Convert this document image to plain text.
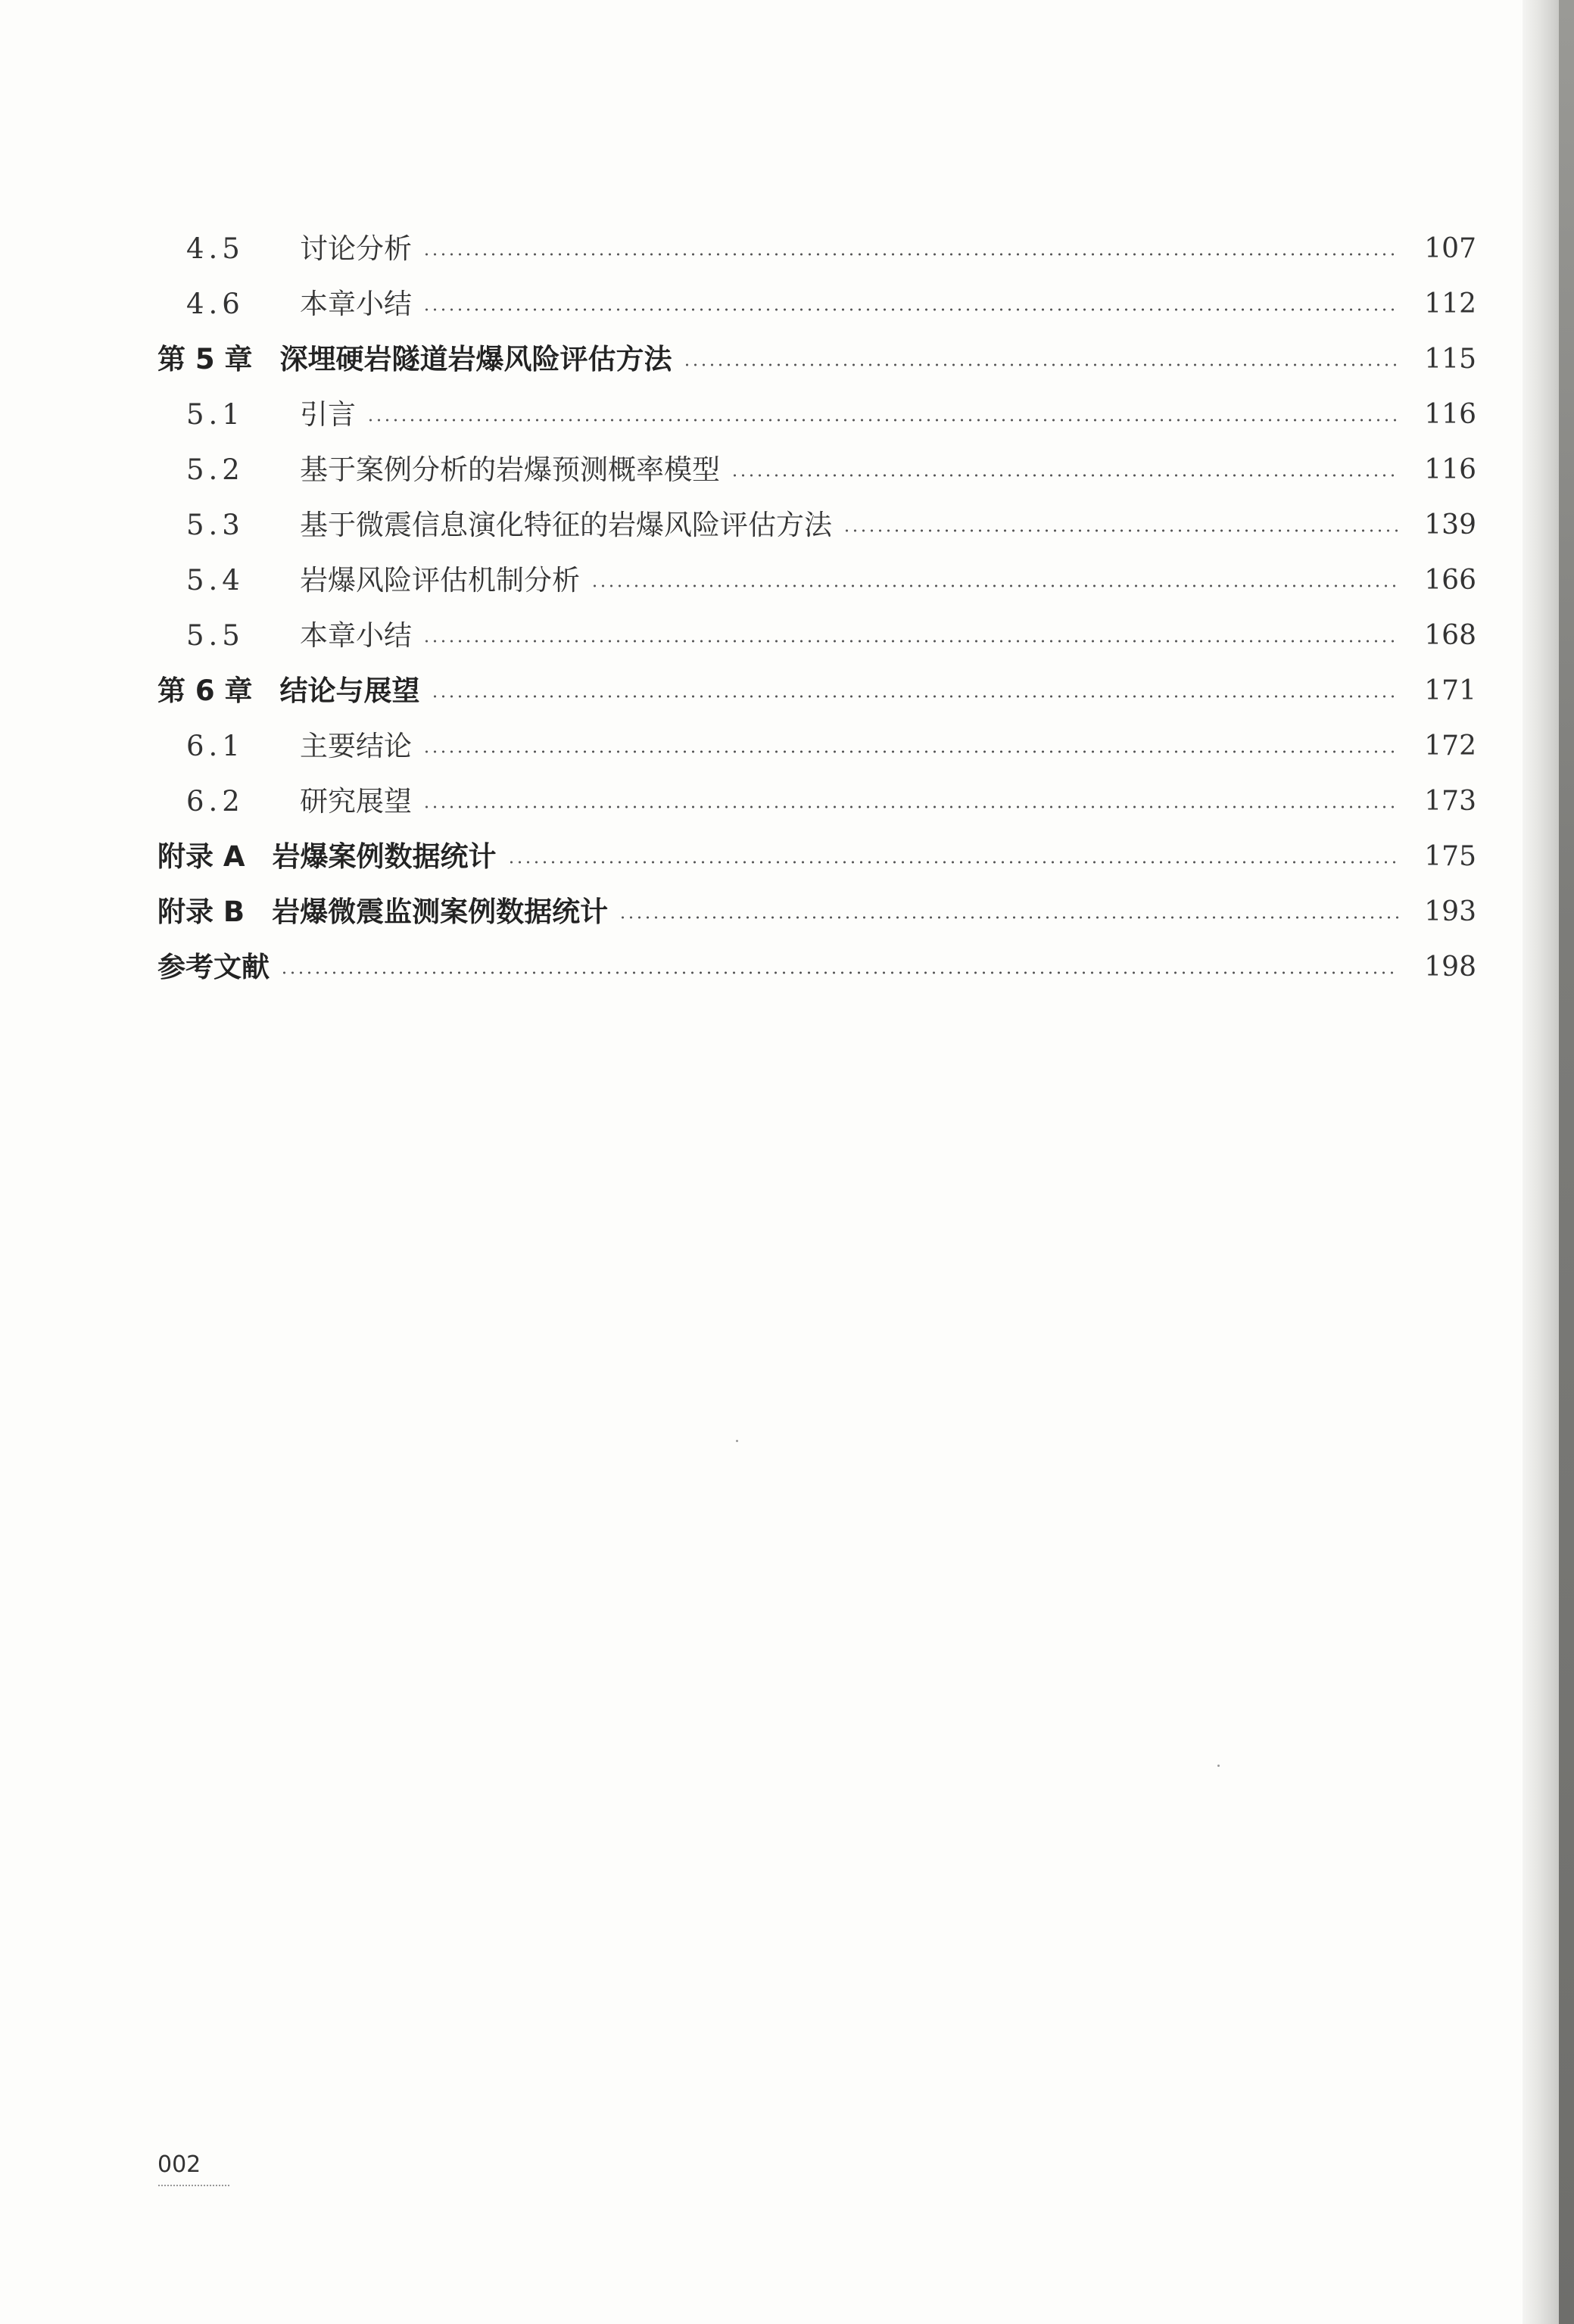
4.5	讨论分析	107
4.6	本章小结	112
第 5 章 深埋硬岩隧道岩爆风险评估方法	115
5.1	引言	116
5.2	基于案例分析的岩爆预测概率模型	116
5.3	基于微震信息演化特征的岩爆风险评估方法	139
5.4	岩爆风险评估机制分析	166
5.5	本章小结	168
第 6 章 结论与展望	171
6.1	主要结论	172
6.2	研究展望	173
附录 A 岩爆案例数据统计	175
附录 B 岩爆微震监测案例数据统计	193
参考文献	198
002
